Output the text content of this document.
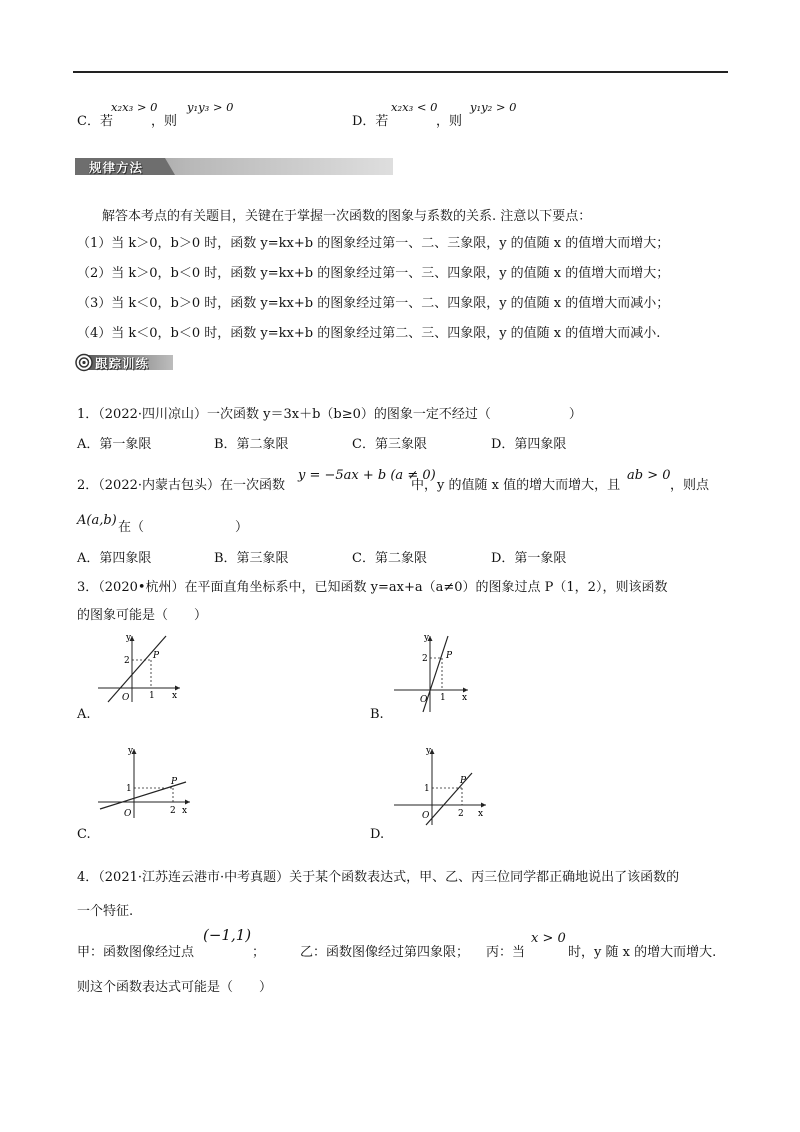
C．若
x₂x₃ > 0
，则
y₁y₃ > 0
D．若
x₂x₃ < 0
，则
y₁y₂ > 0
规律方法
解答本考点的有关题目，关键在于掌握一次函数的图象与系数的关系. 注意以下要点：
（1）当 k＞0，b＞0 时，函数 y=kx+b 的图象经过第一、二、三象限，y 的值随 x 的值增大而增大；
（2）当 k＞0，b＜0 时，函数 y=kx+b 的图象经过第一、三、四象限，y 的值随 x 的值增大而增大；
（3）当 k＜0，b＞0 时，函数 y=kx+b 的图象经过第一、二、四象限，y 的值随 x 的值增大而减小；
（4）当 k＜0，b＜0 时，函数 y=kx+b 的图象经过第二、三、四象限，y 的值随 x 的值增大而减小.
跟踪训练
1．（2022·四川凉山）一次函数 y＝3x＋b（b≥0）的图象一定不经过（　　　　　　）
A．第一象限	B．第二象限	C．第三象限	D．第四象限
2．（2022·内蒙古包头）在一次函数
y = −5ax + b (a ≠ 0)
中，y 的值随 x 值的增大而增大，且
ab > 0
，则点
A(a,b) 在（　　　　　　　）
A．第四象限	B．第三象限	C．第二象限	D．第一象限
3．（2020•杭州）在平面直角坐标系中，已知函数 y=ax+a（a≠0）的图象过点 P（1，2），则该函数
的图象可能是（　　）
y
x
O
2
1
P
A.
y
x
O
2
1
P
B.
y
x
O
1
2
P
C.
y
x
O
1
2
P
D.
4．（2021·江苏连云港市·中考真题）关于某个函数表达式，甲、乙、丙三位同学都正确地说出了该函数的
一个特征.
甲：函数图像经过点
(−1,1)
；	乙：函数图像经过第四象限； 丙：当
x > 0
时，y 随 x 的增大而增大.
则这个函数表达式可能是（　　）
